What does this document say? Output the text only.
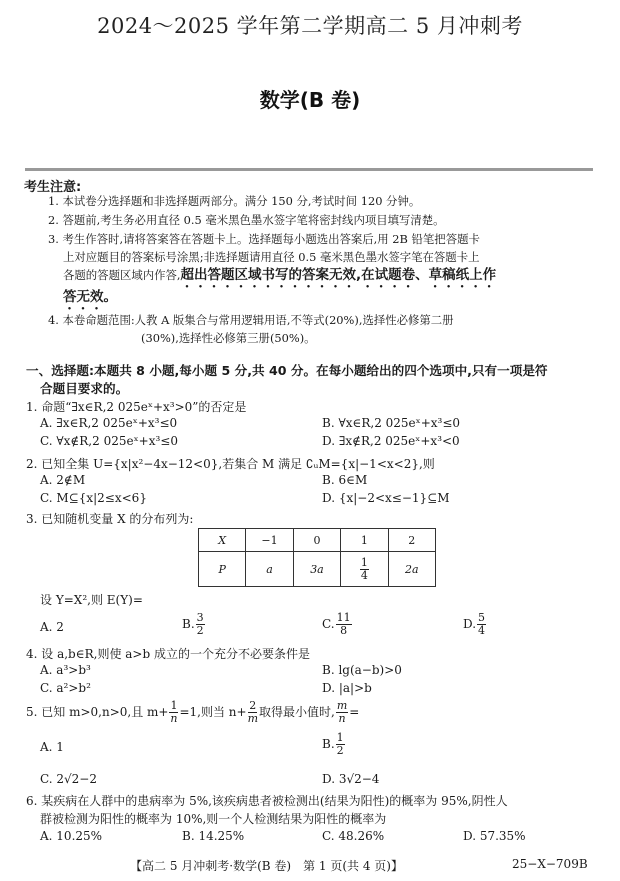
2024～2025 学年第二学期高二 5 月冲刺考
数学(B 卷)
考生注意:
1. 本试卷分选择题和非选择题两部分。满分 150 分,考试时间 120 分钟。
2. 答题前,考生务必用直径 0.5 毫米黑色墨水签字笔将密封线内项目填写清楚。
3. 考生作答时,请将答案答在答题卡上。选择题每小题选出答案后,用 2B 铅笔把答题卡
上对应题目的答案标号涂黑;非选择题请用直径 0.5 毫米黑色墨水签字笔在答题卡上
各题的答题区域内作答,超出答题区域书写的答案无效,在试题卷、草稿纸上作
答无效。
4. 本卷命题范围:人教 A 版集合与常用逻辑用语,不等式(20%),选择性必修第二册
(30%),选择性必修第三册(50%)。
一、选择题:本题共 8 小题,每小题 5 分,共 40 分。在每小题给出的四个选项中,只有一项是符
合题目要求的。
1. 命题“∃x∈R,2 025eˣ+x³>0”的否定是
A. ∃x∈R,2 025eˣ+x³≤0	B. ∀x∈R,2 025eˣ+x³≤0
C. ∀x∉R,2 025eˣ+x³≤0	D. ∃x∉R,2 025eˣ+x³<0
2. 已知全集 U={x|x²−4x−12<0},若集合 M 满足 ∁ᵤM={x|−1<x<2},则
A. 2∉M	B. 6∈M
C. M⊆{x|2≤x<6}	D. {x|−2<x≤−1}⊆M
3. 已知随机变量 X 的分布列为:
X	−1	0	1	2
P	a	3a	$\frac{1}{4}$	2a
设 Y=X²,则 E(Y)=
A. 2	B. $\frac{3}{2}$	C. $\frac{11}{8}$	D. $\frac{5}{4}$
4. 设 a,b∈R,则使 a>b 成立的一个充分不必要条件是
A. a³>b³	B. lg(a−b)>0
C. a²>b²	D. |a|>b
5. 已知 m>0,n>0,且 $m+ \frac{1}{n} =1$,则当 $n+ \frac{2}{m}$ 取得最小值时, $\frac{m}{n}$ =
A. 1	B. $\frac{1}{2}$
C. 2√2−2	D. 3√2−4
6. 某疾病在人群中的患病率为 5%,该疾病患者被检测出(结果为阳性)的概率为 95%,阴性人
群被检测为阳性的概率为 10%,则一个人检测结果为阳性的概率为
A. 10.25%	B. 14.25%	C. 48.26%	D. 57.35%
【高二 5 月冲刺考·数学(B 卷)　第 1 页(共 4 页)】	25−X−709B
